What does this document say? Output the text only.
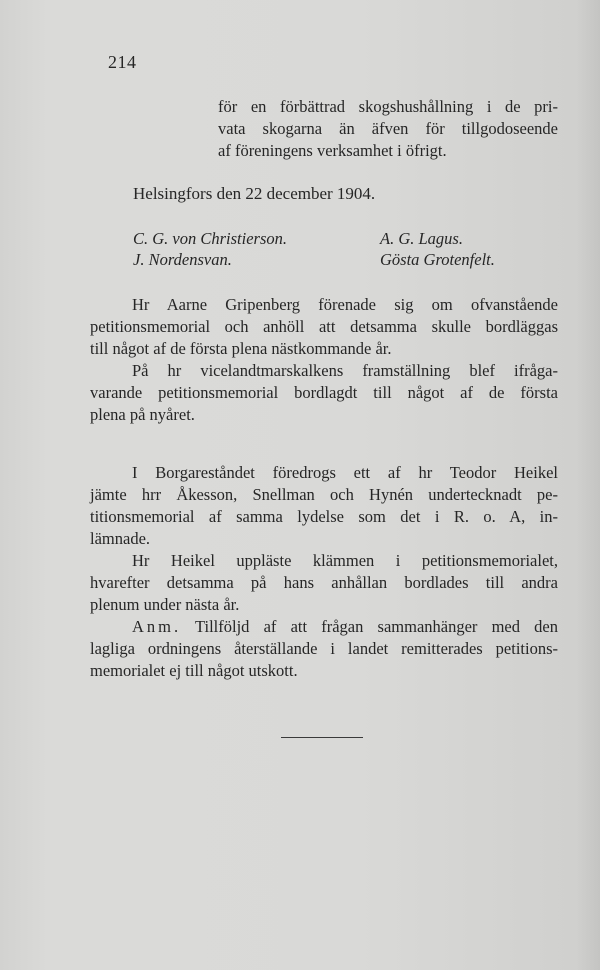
214
för en förbättrad skogshushållning i de pri-
vata skogarna än äfven för tillgodoseende
af föreningens verksamhet i öfrigt.
Helsingfors den 22 december 1904.
C. G. von Christierson.	A. G. Lagus.
J. Nordensvan.	Gösta Grotenfelt.
Hr Aarne Gripenberg förenade sig om ofvanstående
petitionsmemorial och anhöll att detsamma skulle bordläggas
till något af de första plena nästkommande år.
På hr vicelandtmarskalkens framställning blef ifråga-
varande petitionsmemorial bordlagdt till något af de första
plena på nyåret.
I Borgareståndet föredrogs ett af hr Teodor Heikel
jämte hrr Åkesson, Snellman och Hynén undertecknadt pe-
titionsmemorial af samma lydelse som det i R. o. A, in-
lämnade.
Hr Heikel uppläste klämmen i petitionsmemorialet,
hvarefter detsamma på hans anhållan bordlades till andra
plenum under nästa år.
Anm. Tillföljd af att frågan sammanhänger med den
lagliga ordningens återställande i landet remitterades petitions-
memorialet ej till något utskott.
